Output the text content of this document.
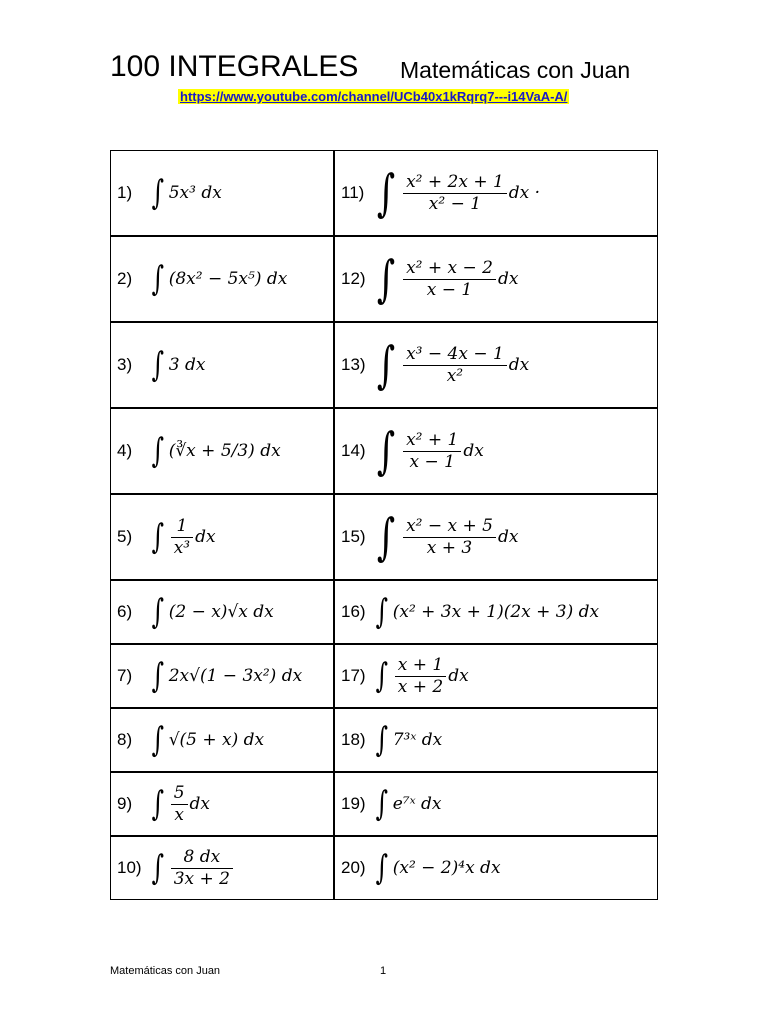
100 INTEGRALES Matemáticas con Juan
https://www.youtube.com/channel/UCb40x1kRqrq7---i14VaA-A/
1) ∫ 5x³ dx	11) ∫ $\frac{\text{x² + 2x + 1}}{\text{x² − 1}}$ dx ·
2) ∫ (8x² − 5x⁵) dx	12) ∫ $\frac{\text{x² + x − 2}}{x - 1}$ dx
3) ∫ 3 dx	13) ∫ $\frac{\text{x³ − 4x − 1}}{\text{x²}}$ dx
4) ∫ (∛x + 5/3) dx	14) ∫ $\frac{\text{x² + 1}}{x - 1}$ dx
5) ∫ $\frac{1}{\text{x³}}$ dx	15) ∫ $\frac{\text{x² − x + 5}}{x + 3}$ dx
6) ∫ (2 − x)√x dx	16) ∫ (x² + 3x + 1)(2x + 3) dx
7) ∫ 2x√(1 − 3x²) dx	17) ∫ $\frac{x + 1}{x + 2}$ dx
8) ∫ √(5 + x) dx	18) ∫ 7³ˣ dx
9) ∫ $\frac{5}{x}$ dx	19) ∫ e⁷ˣ dx
10) ∫ $\frac{8 dx}{3x + 2}$	20) ∫ (x² − 2)⁴x dx
Matemáticas con Juan	1
